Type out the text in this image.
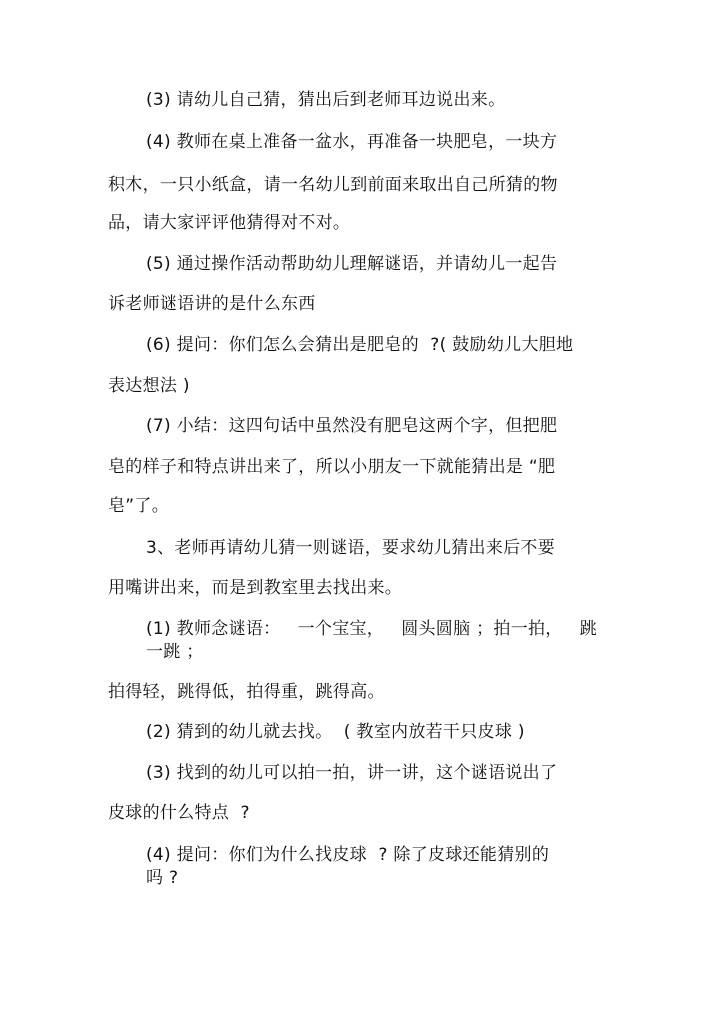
(3) 请幼儿自己猜，猜出后到老师耳边说出来。
(4) 教师在桌上准备一盆水，再准备一块肥皂，一块方
积木，一只小纸盒，请一名幼儿到前面来取出自己所猜的物
品，请大家评评他猜得对不对。
(5) 通过操作活动帮助幼儿理解谜语，并请幼儿一起告
诉老师谜语讲的是什么东西
(6) 提问：你们怎么会猜出是肥皂的  ?( 鼓励幼儿大胆地
表达想法 )
(7) 小结：这四句话中虽然没有肥皂这两个字，但把肥
皂的样子和特点讲出来了，所以小朋友一下就能猜出是 “肥
皂”了。
3、老师再请幼儿猜一则谜语，要求幼儿猜出来后不要
用嘴讲出来，而是到教室里去找出来。
(1) 教师念谜语：   一个宝宝，   圆头圆脑 ；拍一拍，   跳
一跳 ；
拍得轻，跳得低，拍得重，跳得高。
(2) 猜到的幼儿就去找。  ( 教室内放若干只皮球 )
(3) 找到的幼儿可以拍一拍，讲一讲，这个谜语说出了
皮球的什么特点  ?
(4) 提问：你们为什么找皮球  ? 除了皮球还能猜别的
吗 ?
